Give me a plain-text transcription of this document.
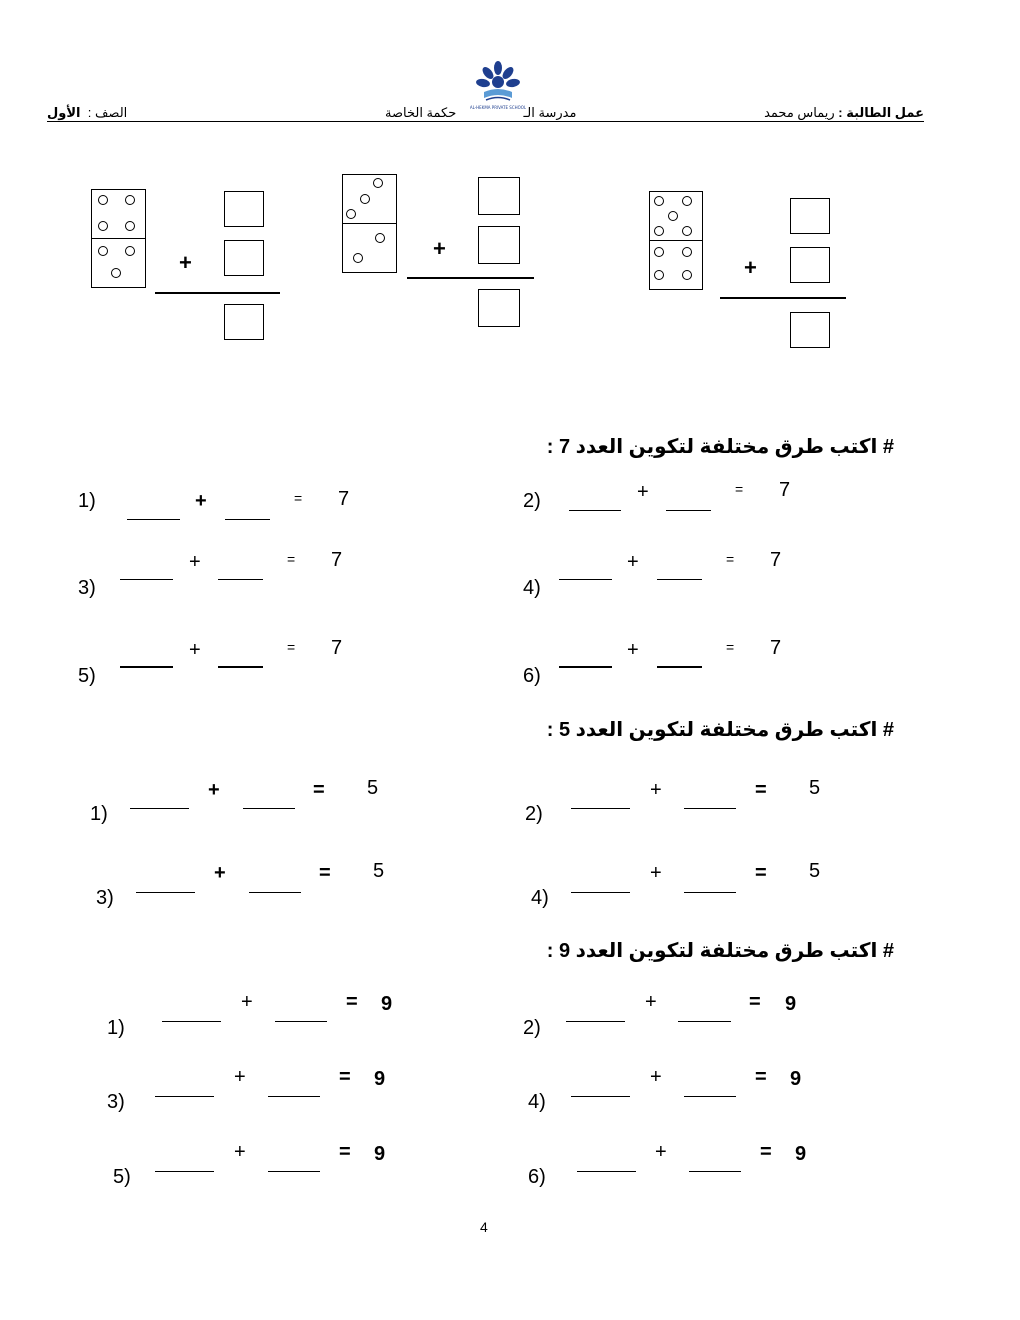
عمل الطالبة : ريماس محمد
مدرسة الـ  حكمة الخاصة
الصف :  الأول	AL-HEKMA PRIVATE SCHOOL
+
+
+
# اكتب طرق مختلفة لتكوين العدد 7 :
1)	+	= 7	2)	+	= 7
3)
+	= 7
4)
+	= 7
5)
+	= 7
6)
+	= 7
# اكتب طرق مختلفة لتكوين العدد 5 :
1)
+	= 5
2)
+	= 5
3)
+	= 5
4)
+	= 5
# اكتب طرق مختلفة لتكوين العدد 9 :
1)
+	= 9
2)
+	= 9
3)
+	= 9
4)
+	= 9
5)
+	= 9
6)
+	= 9
4
